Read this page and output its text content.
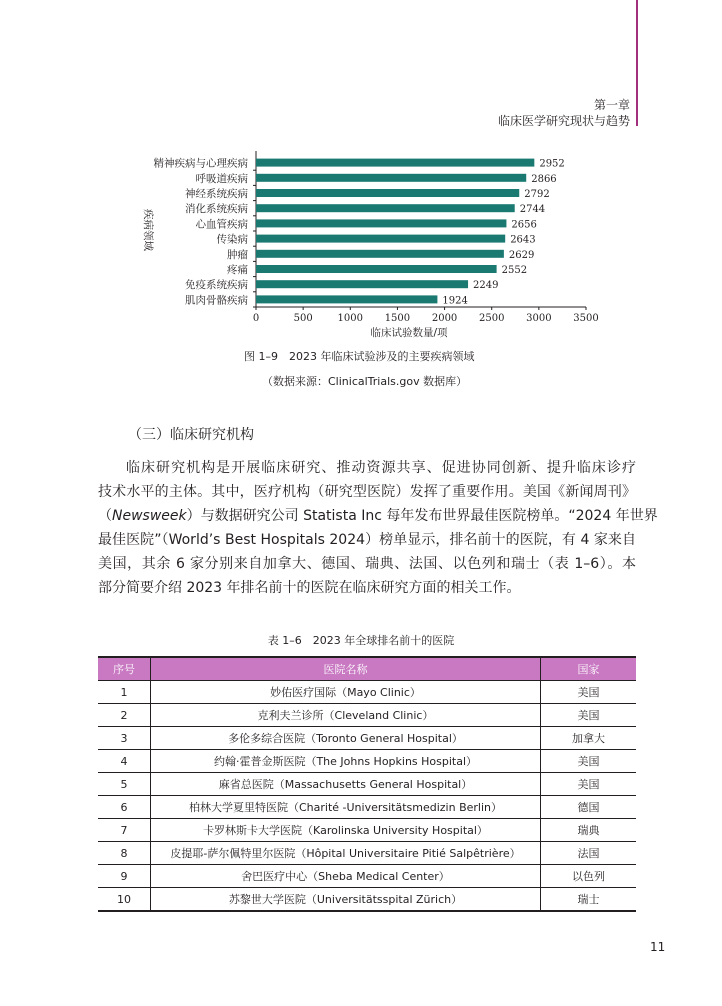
第一章
临床医学研究现状与趋势
精神疾病与心理疾病	2952
呼吸道疾病	2866
神经系统疾病	2792
消化系统疾病	2744
心血管疾病	2656
传染病	2643
肿瘤	2629
疼痛	2552
免疫系统疾病	2249
肌肉骨骼疾病	1924
0	500 1000 1500 2000 2500 3000 3500
临床试验数量/项
疾病领域
图 1–9　2023 年临床试验涉及的主要疾病领域
（数据来源：ClinicalTrials.gov 数据库）
（三）临床研究机构
临床研究机构是开展临床研究、推动资源共享、促进协同创新、提升临床诊疗 技术水平的主体。其中，医疗机构（研究型医院）发挥了重要作用。美国《新闻周刊》 （Newsweek）与数据研究公司 Statista Inc 每年发布世界最佳医院榜单。“2024 年世界 最佳医院”（World’s Best Hospitals 2024）榜单显示，排名前十的医院，有 4 家来自 美国，其余 6 家分别来自加拿大、德国、瑞典、法国、以色列和瑞士（表 1–6）。本 部分简要介绍 2023 年排名前十的医院在临床研究方面的相关工作。
表 1–6　2023 年全球排名前十的医院
序号	医院名称	国家
1	妙佑医疗国际（Mayo Clinic）	美国
2	克利夫兰诊所（Cleveland Clinic）	美国
3	多伦多综合医院（Toronto General Hospital）	加拿大
4	约翰·霍普金斯医院（The Johns Hopkins Hospital）	美国
5	麻省总医院（Massachusetts General Hospital）	美国
6	柏林大学夏里特医院（Charité -Universitätsmedizin Berlin）	德国
7	卡罗林斯卡大学医院（Karolinska University Hospital）	瑞典
8	皮提耶-萨尔佩特里尔医院（Hôpital Universitaire Pitié Salpêtrière）	法国
9	舍巴医疗中心（Sheba Medical Center）	以色列
10	苏黎世大学医院（Universitätsspital Zürich）	瑞士
11
